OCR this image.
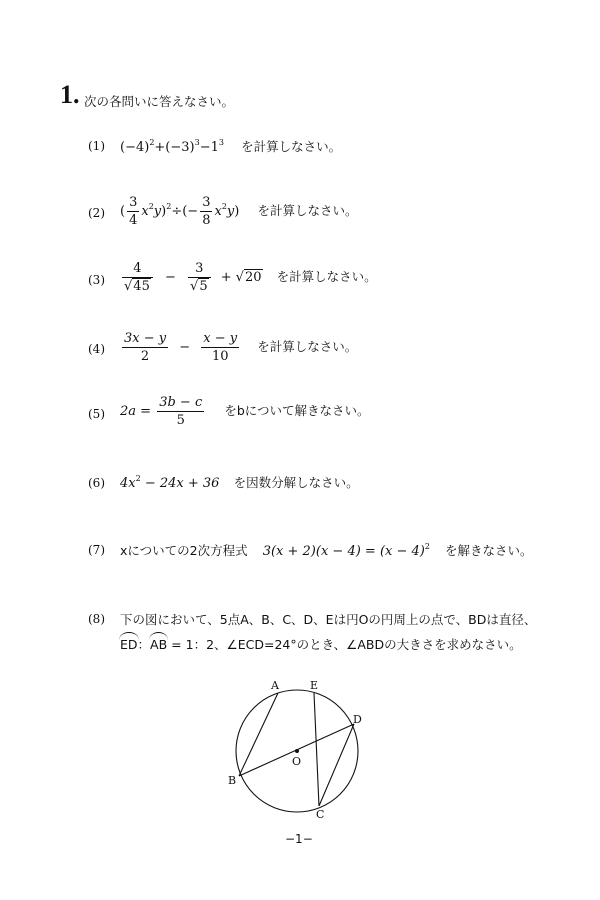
1. 次の各問いに答えなさい。
(1) $(-4)^2+(-3)^3-1^3$ を計算しなさい。
(2) ( $\frac{3}{4} x^2y)^2\div(- \frac{3}{8} x^2y)$ を計算しなさい。
$(3) \frac{4}{√45} - \frac{3}{√5} + √20$ を計算しなさい。
$(4) \frac{3x - y}{2} - \frac{x - y}{10}$ を計算しなさい。
(5) $2a = \frac{3b - c}{5}$ をbについて解きなさい。
(6) $4x^2 - 24x + 36$ を因数分解しなさい。
(7) xについての2次方程式 $3(x + 2)(x - 4) = (x - 4)^2$ を解きなさい。
(8) 下の図において、5点A、B、C、D、Eは円Oの円周上の点で、BDは直径、
ED：AB = 1：2、∠ECD=24°のとき、∠ABDの大きさを求めなさい。
A	E
D
B
C
O
−1−
